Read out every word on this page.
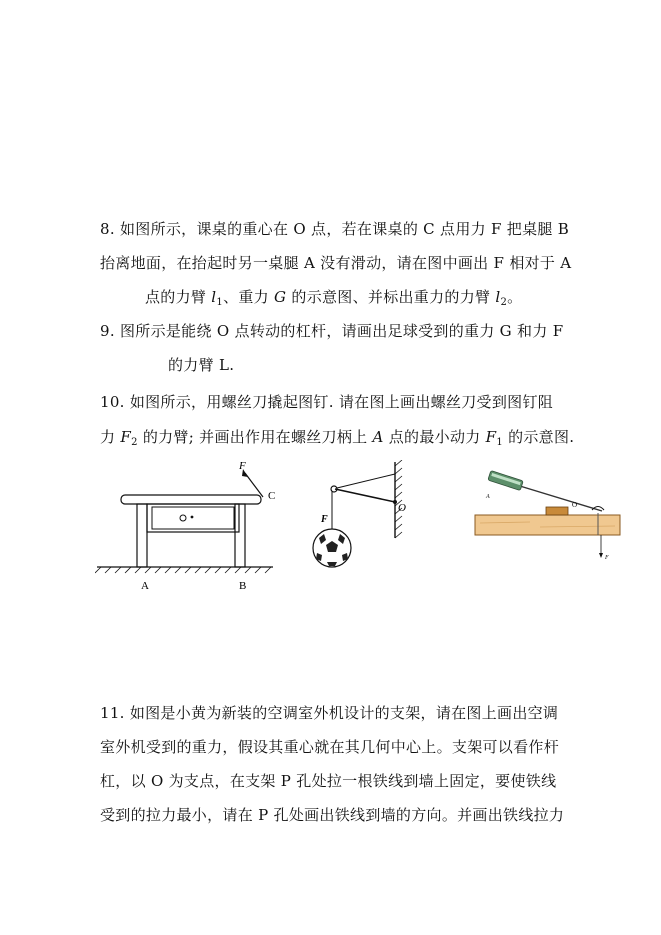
8. 如图所示，课桌的重心在 O 点，若在课桌的 C 点用力 F 把桌腿 B
抬离地面，在抬起时另一桌腿 A 没有滑动，请在图中画出 F 相对于 A
点的力臂 $l_1$、重力 G 的示意图、并标出重力的力臂 $l_2$。
9. 图所示是能绕 O 点转动的杠杆，请画出足球受到的重力 G 和力 F
的力臂 L.
10. 如图所示，用螺丝刀撬起图钉. 请在图上画出螺丝刀受到图钉阻
力 $F_2$ 的力臂; 并画出作用在螺丝刀柄上 A 点的最小动力 $F_1$ 的示意图.
F
C
A	B
O
F
A
O
F
11. 如图是小黄为新装的空调室外机设计的支架，请在图上画出空调
室外机受到的重力，假设其重心就在其几何中心上。支架可以看作杆
杠，以 O 为支点，在支架 P 孔处拉一根铁线到墙上固定，要使铁线
受到的拉力最小，请在 P 孔处画出铁线到墙的方向。并画出铁线拉力
